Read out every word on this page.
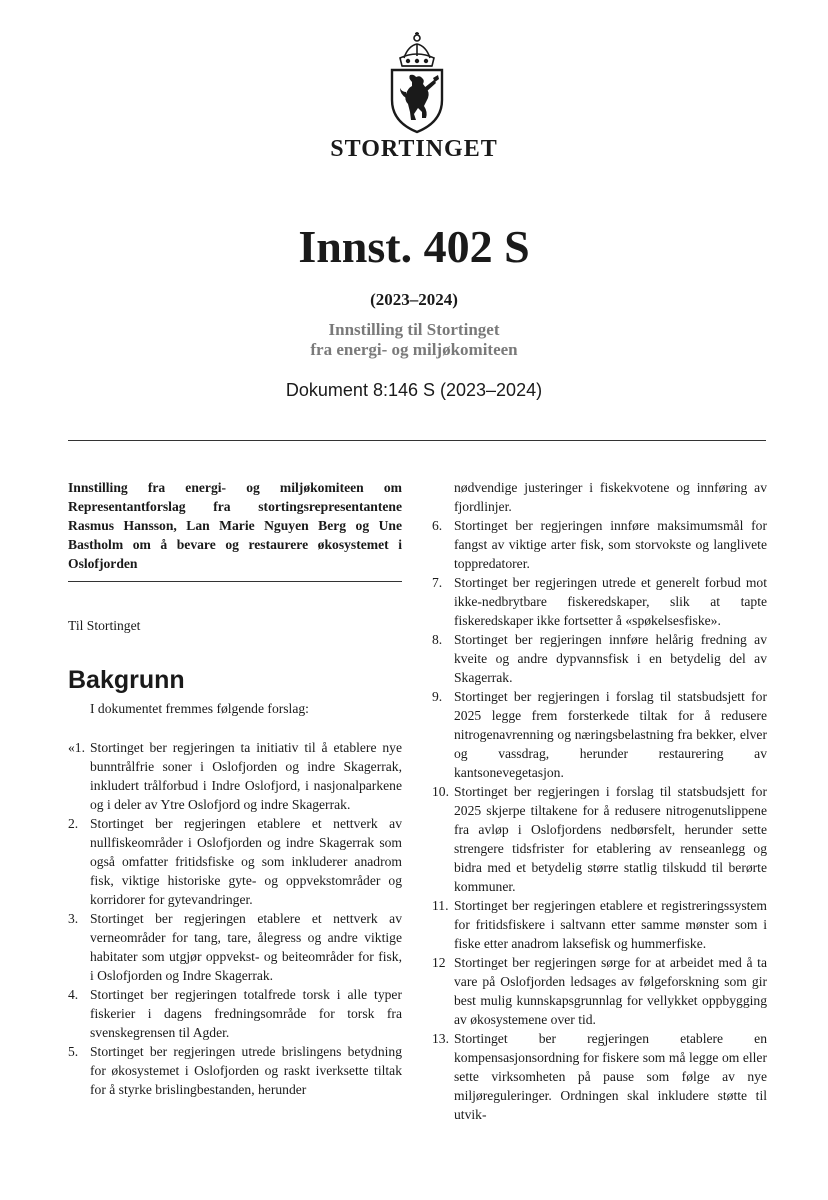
STORTINGET
Innst. 402 S
(2023–2024)
Innstilling til Stortinget
fra energi- og miljøkomiteen
Dokument 8:146 S (2023–2024)
Innstilling fra energi- og miljøkomiteen om Representantforslag fra stortingsrepresentantene Rasmus Hansson, Lan Marie Nguyen Berg og Une Bastholm om å bevare og restaurere økosystemet i Oslofjorden
Til Stortinget
Bakgrunn
I dokumentet fremmes følgende forslag:
«1. Stortinget ber regjeringen ta initiativ til å etablere nye bunntrålfrie soner i Oslofjorden og indre Skagerrak, inkludert trålforbud i Indre Oslofjord, i nasjonalparkene og i deler av Ytre Oslofjord og indre Skagerrak.
2. Stortinget ber regjeringen etablere et nettverk av nullfiskeområder i Oslofjorden og indre Skagerrak som også omfatter fritidsfiske og som inkluderer anadrom fisk, viktige historiske gyte- og oppvekstområder og korridorer for gytevandringer.
3. Stortinget ber regjeringen etablere et nettverk av verneområder for tang, tare, ålegress og andre viktige habitater som utgjør oppvekst- og beiteområder for fisk, i Oslofjorden og Indre Skagerrak.
4. Stortinget ber regjeringen totalfrede torsk i alle typer fiskerier i dagens fredningsområde for torsk fra svenskegrensen til Agder.
5. Stortinget ber regjeringen utrede brislingens betydning for økosystemet i Oslofjorden og raskt iverksette tiltak for å styrke brislingbestanden, herunder
nødvendige justeringer i fiskekvotene og innføring av fjordlinjer.
6. Stortinget ber regjeringen innføre maksimumsmål for fangst av viktige arter fisk, som storvokste og langlivete toppredatorer.
7. Stortinget ber regjeringen utrede et generelt forbud mot ikke-nedbrytbare fiskeredskaper, slik at tapte fiskeredskaper ikke fortsetter å «spøkelsesfiske».
8. Stortinget ber regjeringen innføre helårig fredning av kveite og andre dypvannsfisk i en betydelig del av Skagerrak.
9. Stortinget ber regjeringen i forslag til statsbudsjett for 2025 legge frem forsterkede tiltak for å redusere nitrogenavrenning og næringsbelastning fra bekker, elver og vassdrag, herunder restaurering av kantsonevegetasjon.
10. Stortinget ber regjeringen i forslag til statsbudsjett for 2025 skjerpe tiltakene for å redusere nitrogenutslippene fra avløp i Oslofjordens nedbørsfelt, herunder sette strengere tidsfrister for etablering av renseanlegg og bidra med et betydelig større statlig tilskudd til berørte kommuner.
11. Stortinget ber regjeringen etablere et registreringssystem for fritidsfiskere i saltvann etter samme mønster som i fiske etter anadrom laksefisk og hummerfiske.
12 Stortinget ber regjeringen sørge for at arbeidet med å ta vare på Oslofjorden ledsages av følgeforskning som gir best mulig kunnskapsgrunnlag for vellykket oppbygging av økosystemene over tid.
13. Stortinget ber regjeringen etablere en kompensasjonsordning for fiskere som må legge om eller sette virksomheten på pause som følge av nye miljøreguleringer. Ordningen skal inkludere støtte til utvik-
